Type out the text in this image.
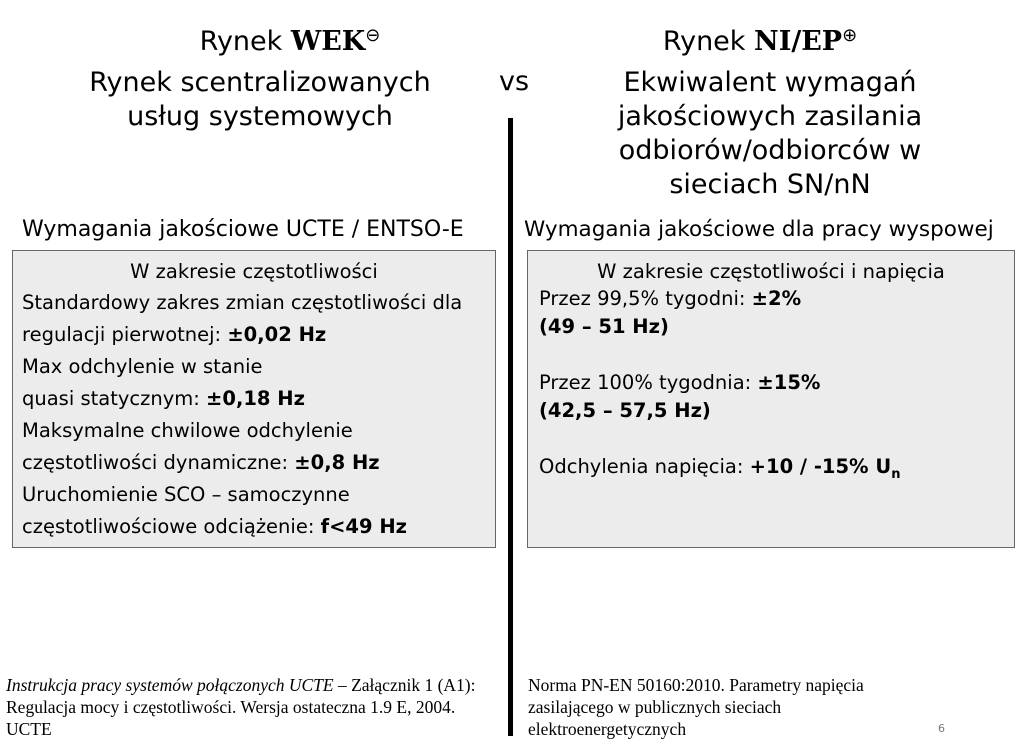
Rynek WEK⊖
Rynek scentralizowanych
usług systemowych
vs
Wymagania jakościowe UCTE / ENTSO-E
W zakresie częstotliwości
Standardowy zakres zmian częstotliwości dla
regulacji pierwotnej: ±0,02 Hz
Max odchylenie w stanie
quasi statycznym: ±0,18 Hz
Maksymalne chwilowe odchylenie
częstotliwości dynamiczne: ±0,8 Hz
Uruchomienie SCO – samoczynne
częstotliwościowe odciążenie: f<49 Hz
Instrukcja pracy systemów połączonych UCTE – Załącznik 1 (A1): Regulacja mocy i częstotliwości. Wersja ostateczna 1.9 E, 2004. UCTE
Rynek NI/EP⊕
Ekwiwalent wymagań
jakościowych zasilania
odbiorów/odbiorców w
sieciach SN/nN
Wymagania jakościowe dla pracy wyspowej
W zakresie częstotliwości i napięcia
Przez 99,5% tygodni: ±2%
(49 – 51 Hz)

Przez 100% tygodnia: ±15%
(42,5 – 57,5 Hz)

Odchylenia napięcia: +10 / -15% $U_n$
Norma PN-EN 50160:2010. Parametry napięcia zasilającego w publicznych sieciach elektroenergetycznych	6
